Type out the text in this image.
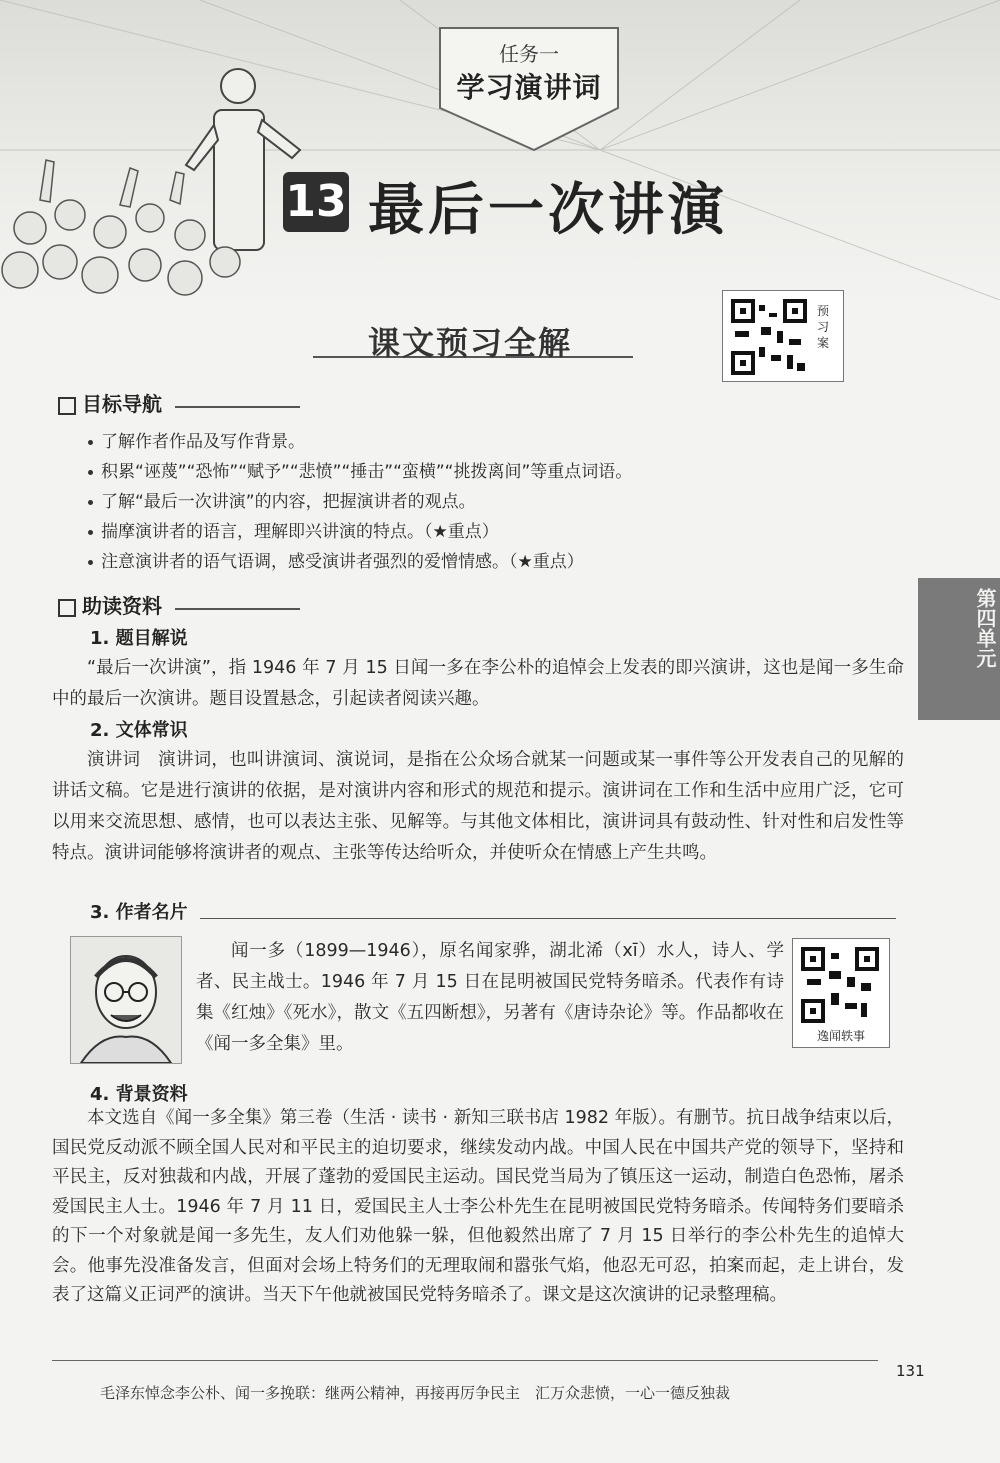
任务一
学习演讲词
13 最后一次讲演
课文预习全解
预习案
目标导航
了解作者作品及写作背景。
积累“诬蔑”“恐怖”“赋予”“悲愤”“捶击”“蛮横”“挑拨离间”等重点词语。
了解“最后一次讲演”的内容，把握演讲者的观点。
揣摩演讲者的语言，理解即兴讲演的特点。（★重点）
注意演讲者的语气语调，感受演讲者强烈的爱憎情感。（★重点）
第四单元
助读资料
1. 题目解说
“最后一次讲演”，指 1946 年 7 月 15 日闻一多在李公朴的追悼会上发表的即兴演讲，这也是闻一多生命中的最后一次演讲。题目设置悬念，引起读者阅读兴趣。
2. 文体常识
演讲词　演讲词，也叫讲演词、演说词，是指在公众场合就某一问题或某一事件等公开发表自己的见解的讲话文稿。它是进行演讲的依据，是对演讲内容和形式的规范和提示。演讲词在工作和生活中应用广泛，它可以用来交流思想、感情，也可以表达主张、见解等。与其他文体相比，演讲词具有鼓动性、针对性和启发性等特点。演讲词能够将演讲者的观点、主张等传达给听众，并使听众在情感上产生共鸣。
3. 作者名片
闻一多（1899—1946），原名闻家骅，湖北浠（xī）水人，诗人、学者、民主战士。1946 年 7 月 15 日在昆明被国民党特务暗杀。代表作有诗集《红烛》《死水》，散文《五四断想》，另著有《唐诗杂论》等。作品都收在《闻一多全集》里。	逸闻轶事
4. 背景资料
本文选自《闻一多全集》第三卷（生活 · 读书 · 新知三联书店 1982 年版）。有删节。抗日战争结束以后，国民党反动派不顾全国人民对和平民主的迫切要求，继续发动内战。中国人民在中国共产党的领导下，坚持和平民主，反对独裁和内战，开展了蓬勃的爱国民主运动。国民党当局为了镇压这一运动，制造白色恐怖，屠杀爱国民主人士。1946 年 7 月 11 日，爱国民主人士李公朴先生在昆明被国民党特务暗杀。传闻特务们要暗杀的下一个对象就是闻一多先生，友人们劝他躲一躲，但他毅然出席了 7 月 15 日举行的李公朴先生的追悼大会。他事先没准备发言，但面对会场上特务们的无理取闹和嚣张气焰，他忍无可忍，拍案而起，走上讲台，发表了这篇义正词严的演讲。当天下午他就被国民党特务暗杀了。课文是这次演讲的记录整理稿。
131
毛泽东悼念李公朴、闻一多挽联：继两公精神，再接再厉争民主　汇万众悲愤，一心一德反独裁
